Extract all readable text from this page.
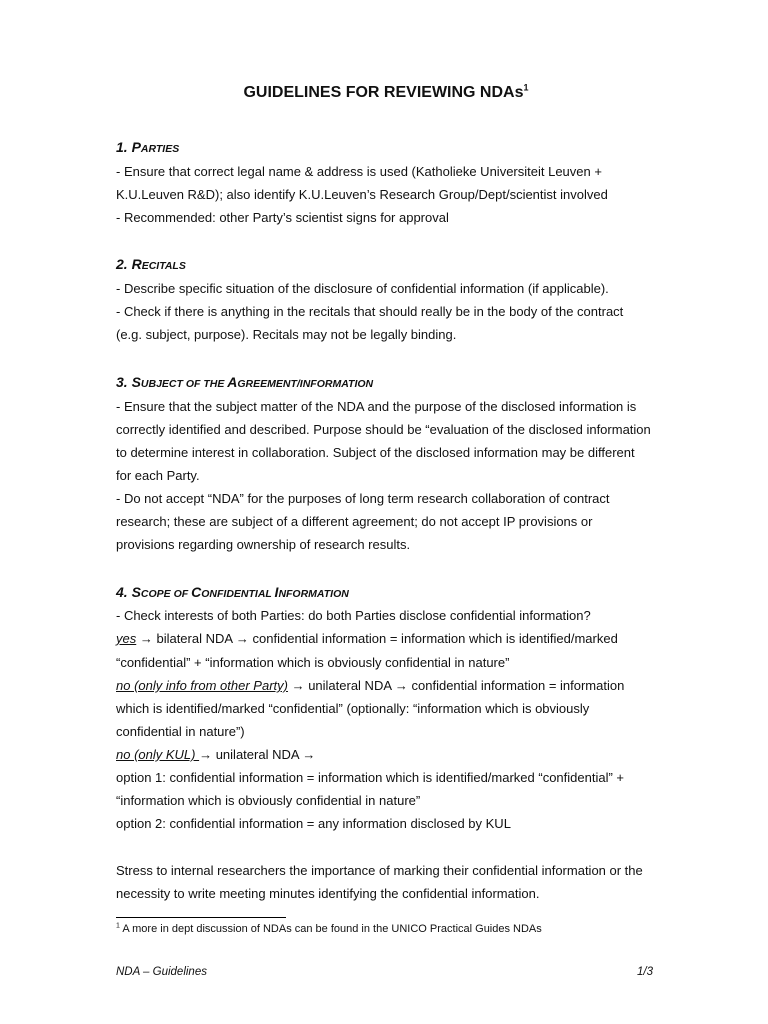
GUIDELINES FOR REVIEWING NDAs$^1$
1. PARTIES
- Ensure that correct legal name & address is used (Katholieke Universiteit Leuven +
K.U.Leuven R&D); also identify K.U.Leuven’s Research Group/Dept/scientist involved
- Recommended: other Party’s scientist signs for approval
2. RECITALS
- Describe specific situation of the disclosure of confidential information (if applicable).
- Check if there is anything in the recitals that should really be in the body of the contract
(e.g. subject, purpose). Recitals may not be legally binding.
3. SUBJECT OF THE AGREEMENT/INFORMATION
- Ensure that the subject matter of the NDA and the purpose of the disclosed information is
correctly identified and described. Purpose should be “evaluation of the disclosed information
to determine interest in collaboration. Subject of the disclosed information may be different
for each Party.
- Do not accept “NDA” for the purposes of long term research collaboration of contract
research; these are subject of a different agreement; do not accept IP provisions or
provisions regarding ownership of research results.
4. SCOPE OF CONFIDENTIAL INFORMATION
- Check interests of both Parties: do both Parties disclose confidential information?
yes → bilateral NDA → confidential information = information which is identified/marked
“confidential” + “information which is obviously confidential in nature”
no (only info from other Party) → unilateral NDA → confidential information = information
which is identified/marked “confidential” (optionally: “information which is obviously
confidential in nature”)
no (only KUL) → unilateral NDA →
option 1: confidential information = information which is identified/marked “confidential” +
“information which is obviously confidential in nature”
option 2: confidential information = any information disclosed by KUL
Stress to internal researchers the importance of marking their confidential information or the
necessity to write meeting minutes identifying the confidential information.
$^1$ A more in dept discussion of NDAs can be found in the UNICO Practical Guides NDAs
NDA – Guidelines	1/3
